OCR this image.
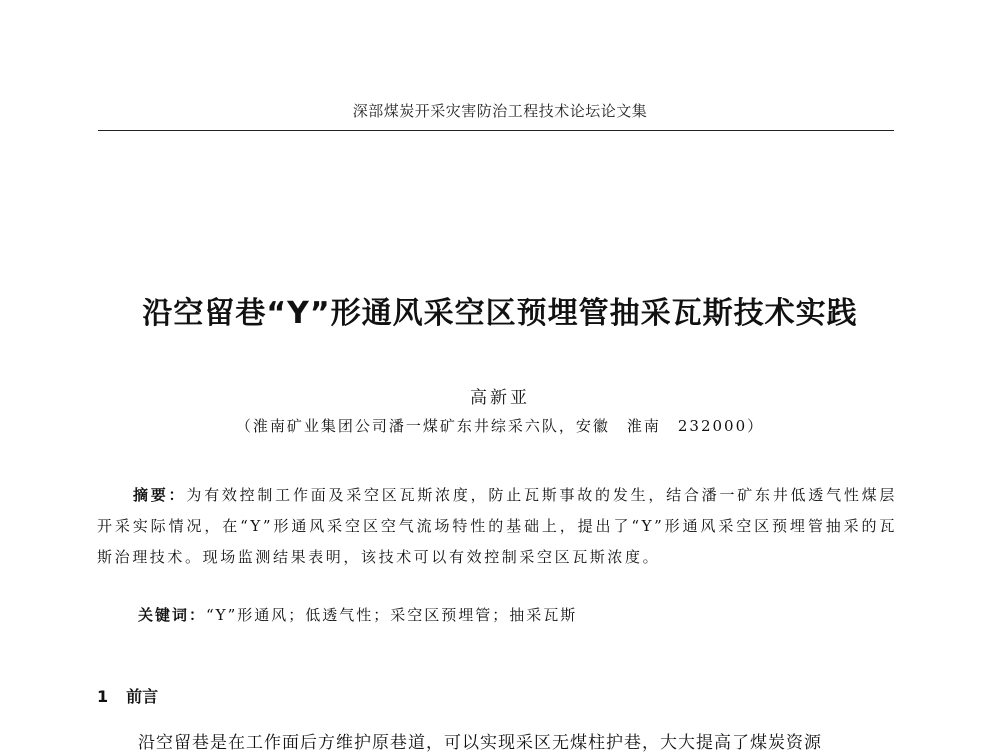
深部煤炭开采灾害防治工程技术论坛论文集
沿空留巷“Y”形通风采空区预埋管抽采瓦斯技术实践
高新亚
（淮南矿业集团公司潘一煤矿东井综采六队，安徽　淮南　232000）
摘要：为有效控制工作面及采空区瓦斯浓度，防止瓦斯事故的发生，结合潘一矿东井低透气性煤层开采实际情况，在“Y”形通风采空区空气流场特性的基础上，提出了“Y”形通风采空区预埋管抽采的瓦斯治理技术。现场监测结果表明，该技术可以有效控制采空区瓦斯浓度。
关键词：“Y”形通风；低透气性；采空区预埋管；抽采瓦斯
1 前言
沿空留巷是在工作面后方维护原巷道，可以实现采区无煤柱护巷，大大提高了煤炭资源
